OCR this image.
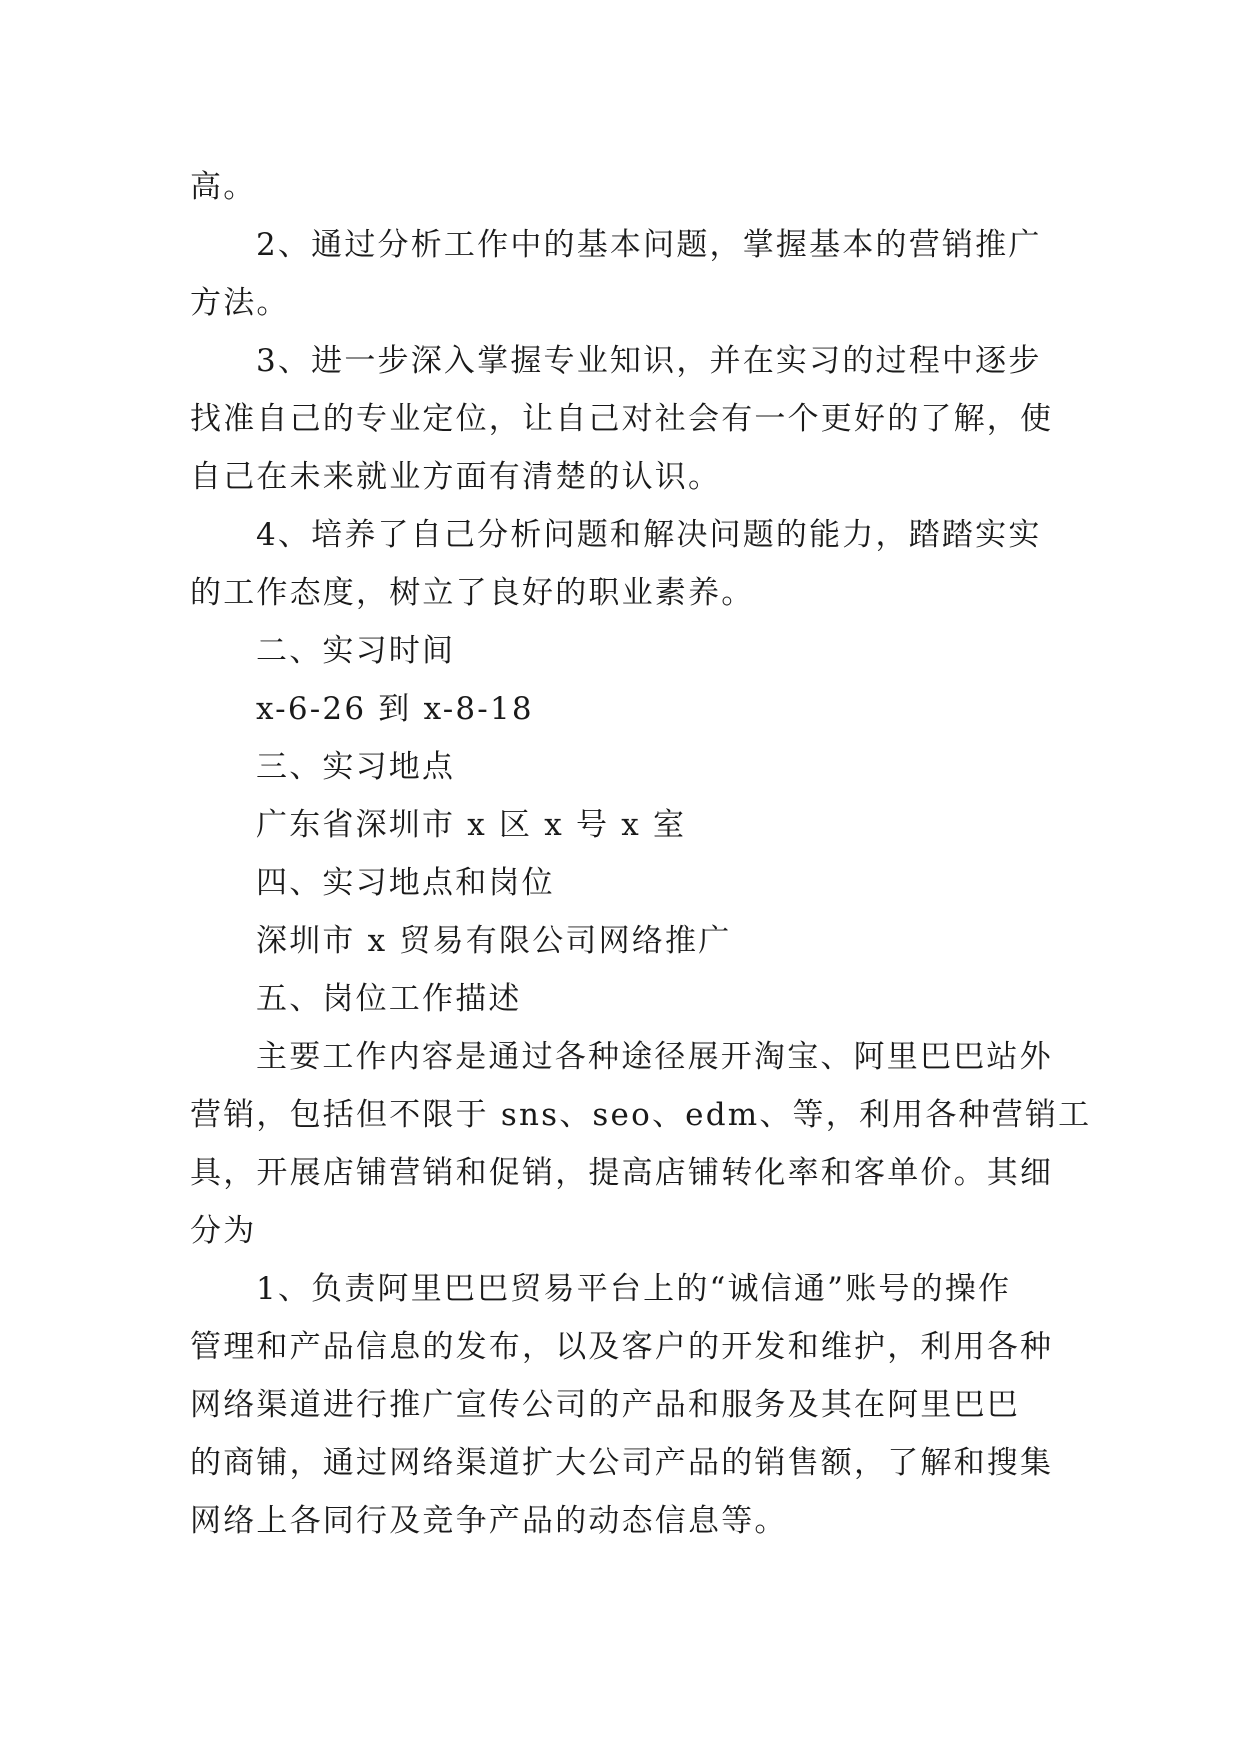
高。
2、通过分析工作中的基本问题，掌握基本的营销推广
方法。
3、进一步深入掌握专业知识，并在实习的过程中逐步
找准自己的专业定位，让自己对社会有一个更好的了解，使
自己在未来就业方面有清楚的认识。
4、培养了自己分析问题和解决问题的能力，踏踏实实
的工作态度，树立了良好的职业素养。
二、实习时间
x-6-26 到 x-8-18
三、实习地点
广东省深圳市 x 区 x 号 x 室
四、实习地点和岗位
深圳市 x 贸易有限公司网络推广
五、岗位工作描述
主要工作内容是通过各种途径展开淘宝、阿里巴巴站外
营销，包括但不限于 sns、seo、edm、等，利用各种营销工
具，开展店铺营销和促销，提高店铺转化率和客单价。其细
分为
1、负责阿里巴巴贸易平台上的“诚信通”账号的操作
管理和产品信息的发布，以及客户的开发和维护，利用各种
网络渠道进行推广宣传公司的产品和服务及其在阿里巴巴
的商铺，通过网络渠道扩大公司产品的销售额，了解和搜集
网络上各同行及竞争产品的动态信息等。
